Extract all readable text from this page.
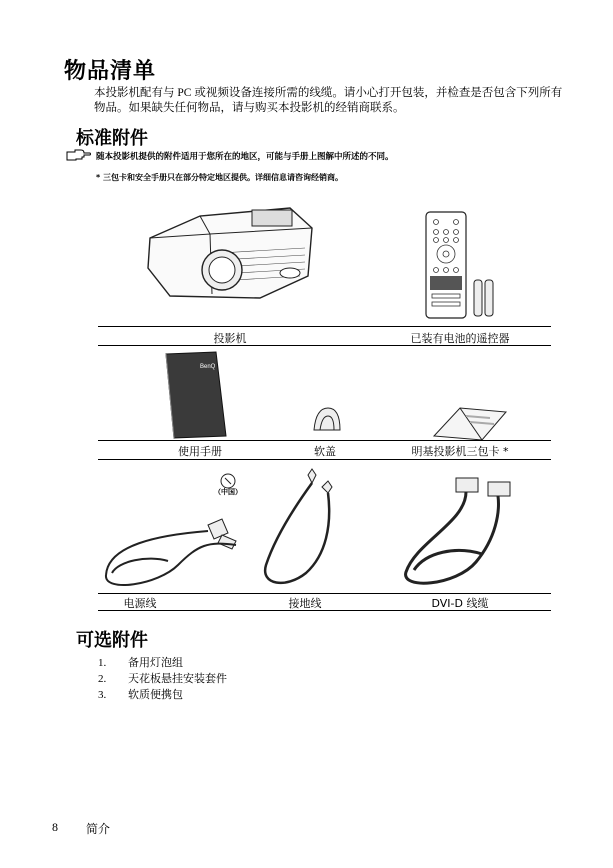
物品清单
本投影机配有与 PC 或视频设备连接所需的线缆。请小心打开包装，并检查是否包含下列所有物品。如果缺失任何物品，请与购买本投影机的经销商联系。
标准附件
随本投影机提供的附件适用于您所在的地区，可能与手册上图解中所述的不同。
* 三包卡和安全手册只在部分特定地区提供。详细信息请咨询经销商。
投影机	已装有电池的遥控器
BenQ
使用手册	软盖	明基投影机三包卡 *
（中国）
电源线	接地线	DVI-D 线缆
可选附件
1.	备用灯泡组
2.	天花板悬挂安装套件
3.	软质便携包
8 简介
